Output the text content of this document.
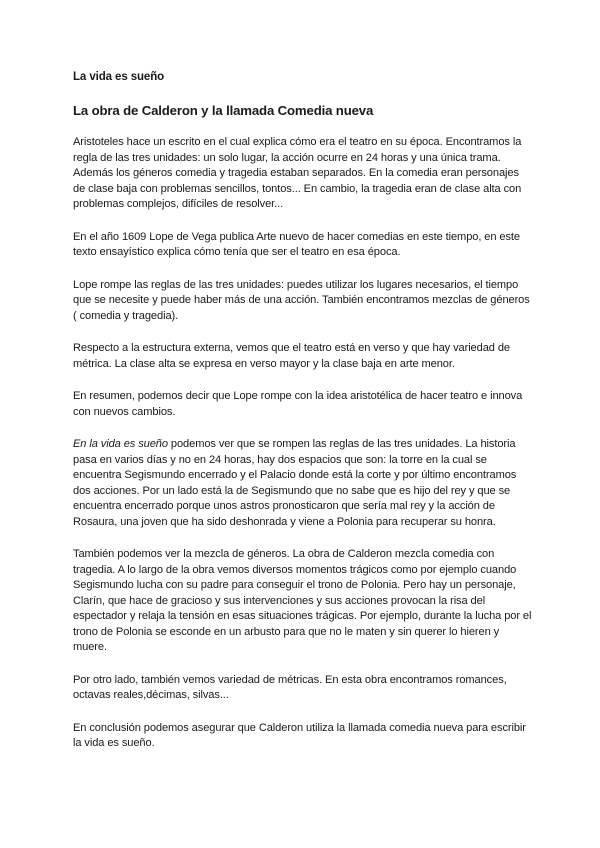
La vida es sueño
La obra de Calderon y la llamada Comedia nueva

Aristoteles hace un escrito en el cual explica cómo era el teatro en su época. Encontramos la regla de las tres unidades: un solo lugar, la acción ocurre en 24 horas y una única trama. Además los géneros comedia y tragedia estaban separados. En la comedia eran personajes de clase baja con problemas sencillos, tontos... En cambio, la tragedia eran de clase alta con problemas complejos, difíciles de resolver...

En el año 1609 Lope de Vega publica Arte nuevo de hacer comedias en este tiempo, en este texto ensayístico explica cómo tenía que ser el teatro en esa época.

Lope rompe las reglas de las tres unidades: puedes utilizar los lugares necesarios, el tiempo que se necesite y puede haber más de una acción. También encontramos mezclas de géneros ( comedia y tragedia).

Respecto a la estructura externa, vemos que el teatro está en verso y que hay variedad de métrica. La clase alta se expresa en verso mayor y la clase baja en arte menor.

En resumen, podemos decir que Lope rompe con la idea aristotélica de hacer teatro e innova con nuevos cambios.

En la vida es sueño podemos ver que se rompen las reglas de las tres unidades. La historia pasa en varios días y no en 24 horas, hay dos espacios que son: la torre en la cual se encuentra Segismundo encerrado y el Palacio donde está la corte y por último encontramos dos acciones. Por un lado está la de Segismundo que no sabe que es hijo del rey y que se encuentra encerrado porque unos astros pronosticaron que sería mal rey y la acción de Rosaura, una joven que ha sido deshonrada y viene a Polonia para recuperar su honra.

También podemos ver la mezcla de géneros. La obra de Calderon mezcla comedia con tragedia. A lo largo de la obra vemos diversos momentos trágicos como por ejemplo cuando Segismundo lucha con su padre para conseguir el trono de Polonia. Pero hay un personaje, Clarín, que hace de gracioso y sus intervenciones y sus acciones provocan la risa del espectador y relaja la tensión en esas situaciones trágicas. Por ejemplo, durante la lucha por el trono de Polonia se esconde en un arbusto para que no le maten y sin querer lo hieren y muere.

Por otro lado, también vemos variedad de métricas. En esta obra encontramos romances, octavas reales,décimas, silvas...

En conclusión podemos asegurar que Calderon utiliza la llamada comedia nueva para escribir la vida es sueño.
